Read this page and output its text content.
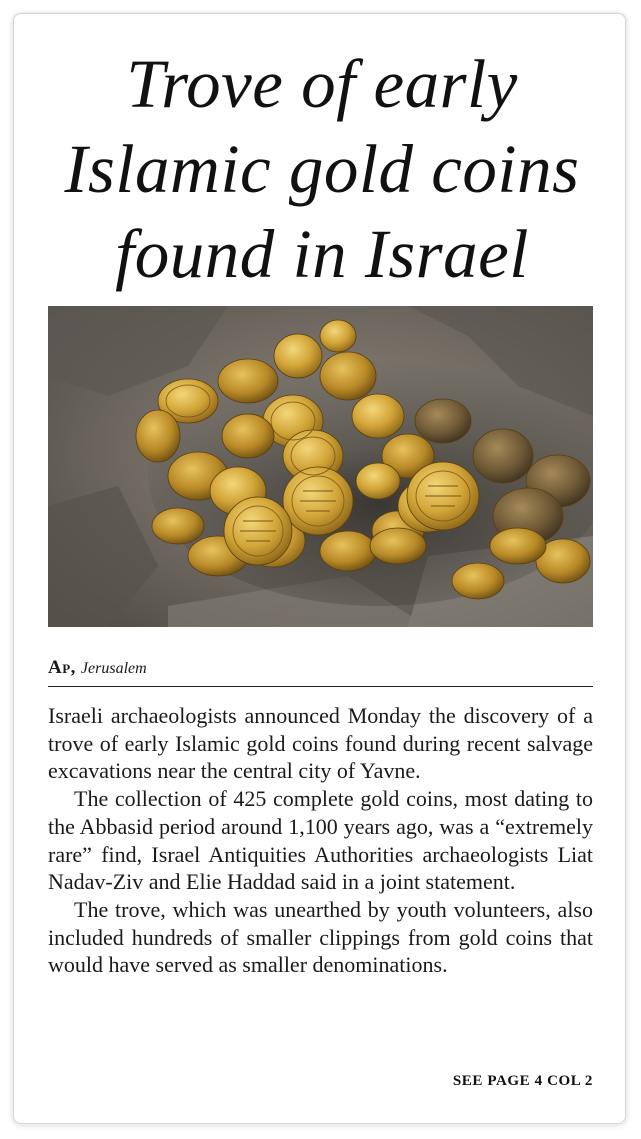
Trove of early Islamic gold coins found in Israel
Ap, Jerusalem

Israeli archaeologists announced Monday the discovery of a trove of early Islamic gold coins found during recent salvage excavations near the central city of Yavne.

The collection of 425 complete gold coins, most dating to the Abbasid period around 1,100 years ago, was a “extremely rare” find, Israel Antiquities Authorities archaeologists Liat Nadav-Ziv and Elie Haddad said in a joint statement.

The trove, which was unearthed by youth volunteers, also included hundreds of smaller clippings from gold coins that would have served as smaller denominations.

SEE PAGE 4 COL 2
